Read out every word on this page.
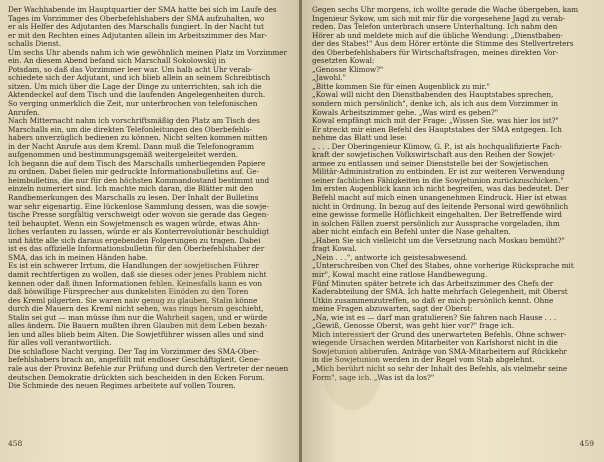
Der Wachhabende im Hauptquartier der SMA hatte bei sich im Laufe des
Tages im Vorzimmer des Oberbefehlshabers der SMA aufzuhalten, wo
er als Helfer des Adjutanten des Marschalls fungiert. In der Nacht tut
er mit den Rechten eines Adjutanten allein im Arbeitszimmer des Mar-
schalls Dienst.
Um sechs Uhr abends nahm ich wie gewöhnlich meinen Platz im Vorzimmer
ein. An diesem Abend befand sich Marschall Sokolowskij in
Potsdam, so daß das Vorzimmer leer war. Um halb acht Uhr verab-
schiedete sich der Adjutant, und ich blieb allein an seinem Schreibtisch
sitzen. Um mich über die Lage der Dinge zu unterrichten, sah ich die
Aktendeckel auf dem Tisch und die laufenden Angelegenheiten durch.
So verging unmerklich die Zeit, nur unterbrochen von telefonischen
Anrufen.
Nach Mitternacht nahm ich vorschriftsmäßig den Platz am Tisch des
Marschalls ein, um die direkten Telefonleitungen des Oberbefehls-
habers unverzüglich bedienen zu können. Nicht selten kommen mitten
in der Nacht Anrufe aus dem Kreml. Dann muß die Telefonogramm
aufgenommen und bestimmungsgemäß weitergeleitet werden.
Ich begann die auf dem Tisch des Marschalls umherliegenden Papiere
zu ordnen. Dabei fielen mir gedruckte Informationsbulletins auf. Ge-
heimbulletins, die nur für den höchsten Kommandostand bestimmt und
einzeln numeriert sind. Ich machte mich daran, die Blätter mit den
Randbemerkungen des Marschalls zu lesen. Der Inhalt der Bulletins
war sehr eigenartig. Eine lückenlose Sammlung dessen, was die sowje-
tische Presse sorgfältig verschweigt oder wovon sie gerade das Gegen-
teil behauptet. Wenn ein Sowjetmensch es wagen würde, etwas Ähn-
liches verlauten zu lassen, würde er als Konterrevolutionär beschuldigt
und hätte alle sich daraus ergebenden Folgerungen zu tragen. Dabei
ist es das offizielle Informationsbulletin für den Oberbefehlshaber der
SMA, das ich in meinen Händen habe.
Es ist ein schwerer Irrtum, die Handlungen der sowjetischen Führer
damit rechtfertigen zu wollen, daß sie dieses oder jenes Problem nicht
kennen oder daß ihnen Informationen fehlen. Keinesfalls kann es von
daß böswillige Fürsprecher aus dunkelsten Einöden zu den Toren
des Kreml pilgerten. Sie waren naiv genug zu glauben, Stalin könne
durch die Mauern des Kreml nicht sehen, was rings herum geschieht,
Stalin sei gut — man müsse ihm nur die Wahrheit sagen, und er würde
alles ändern. Die Bauern mußten ihren Glauben mit dem Leben bezah-
len und alles blieb beim Alten. Die Sowjetführer wissen alles und sind
für alles voll verantwortlich.
Die schlaflose Nacht verging. Der Tag im Vorzimmer des SMA-Ober-
befehlshabers brach an, angefüllt mit endloser Geschäftigkeit. Gene-
rale aus der Provinz Befehle zur Prüfung und durch den Vertreter der neuen
deutschen Demokratie drückten sich bescheiden in den Ecken Forum.
Die Schmiede des neuen Regimes arbeitete auf vollen Touren.
458
Gegen sechs Uhr morgens, ich wollte gerade die Wache übergeben, kam
Ingenieur Sykow, um sich mit mir für die vorgesehene Jagd zu verab-
reden. Das Telefon unterbrach unsere Unterhaltung. Ich nahm den
Hörer ab und meldete mich auf die übliche Wendung: „Dienstbaben-
der des Stabes!" Aus dem Hörer ertönte die Stimme des Stellvertreters
des Oberbefehlshabers für Wirtschaftsfragen, meines direkten Vor-
gesetzten Kowal:
„Genosse Klimow?"
„Jawohl."
„Bitte kommen Sie für einen Augenblick zu mir."
„Kowal will nicht den Dienstbabenden des Hauptstabes sprechen,
sondern mich persönlich", denke ich, als ich aus dem Vorzimmer in
Kowals Arbeitszimmer gehe. „Was wird es geben?"
Kowal empfängt mich mit der Frage: „Wissen Sie, was hier los ist?"
Er streckt mir einen Befehl des Hauptstabes der SMA entgegen. Ich
nehme das Blatt und lese:
„ . . . Der Oberingenieur Klimow, G. P., ist als hochqualifizierte Fach-
kraft der sowjetischen Volkswirtschaft aus den Reihen der Sowjet-
armee zu entlassen und seiner Dienststelle bei der Sowjetischen
Militär-Administration zu entbinden. Er ist zur weiteren Verwendung
seiner fachlichen Fähigkeiten in die Sowjetunion zurückzuschicken."
Im ersten Augenblick kann ich nicht begreifen, was das bedeutet. Der
Befehl macht auf mich einen unangenehmen Eindruck. Hier ist etwas
nicht in Ordnung. In bezug auf des leitende Personal wird gewöhnlich
eine gewisse formelle Höflichkeit eingehalten. Der Betreffende wird
in solchen Fällen zuerst persönlich zur Aussprache vorgeladen, ihm
aber nicht einfach ein Befehl unter die Nase gehalten.
„Haben Sie sich vielleicht um die Versetzung nach Moskau bemüht?"
fragt Kowal.
„Nein . . .", antworte ich geistesabwesend.
„Unterschreiben von Chef des Stabes, ohne vorherige Rücksprache mit
mir", Kowal macht eine ratlose Handbewegung.
Fünf Minuten später betrete ich das Arbeitszimmer des Chefs der
Kaderabteilung der SMA. Ich hatte mehrfach Gelegenheit, mit Oberst
Utkin zusammenzutreffen, so daß er mich persönlich kennt. Ohne
meine Fragen abzuwarten, sagt der Oberst:
„Na, wie ist es — darf man gratulieren? Sie fahren nach Hause . . .
„Gewiß, Genosse Oberst, was geht hier vor?" frage ich.
Mich interessiert der Grund des unerwarteten Befehls. Ohne schwer-
wiegende Ursachen werden Mitarbeiter von Karlshorst nicht in die
Sowjetunion abberufen. Anträge von SMA-Mitarbeitern auf Rückkehr
in die Sowjetunion werden in der Regel vom Stab abgelehnt.
„Mich berührt nicht so sehr der Inhalt des Befehls, als vielmehr seine
Form", sage ich. „Was ist da los?"
459
